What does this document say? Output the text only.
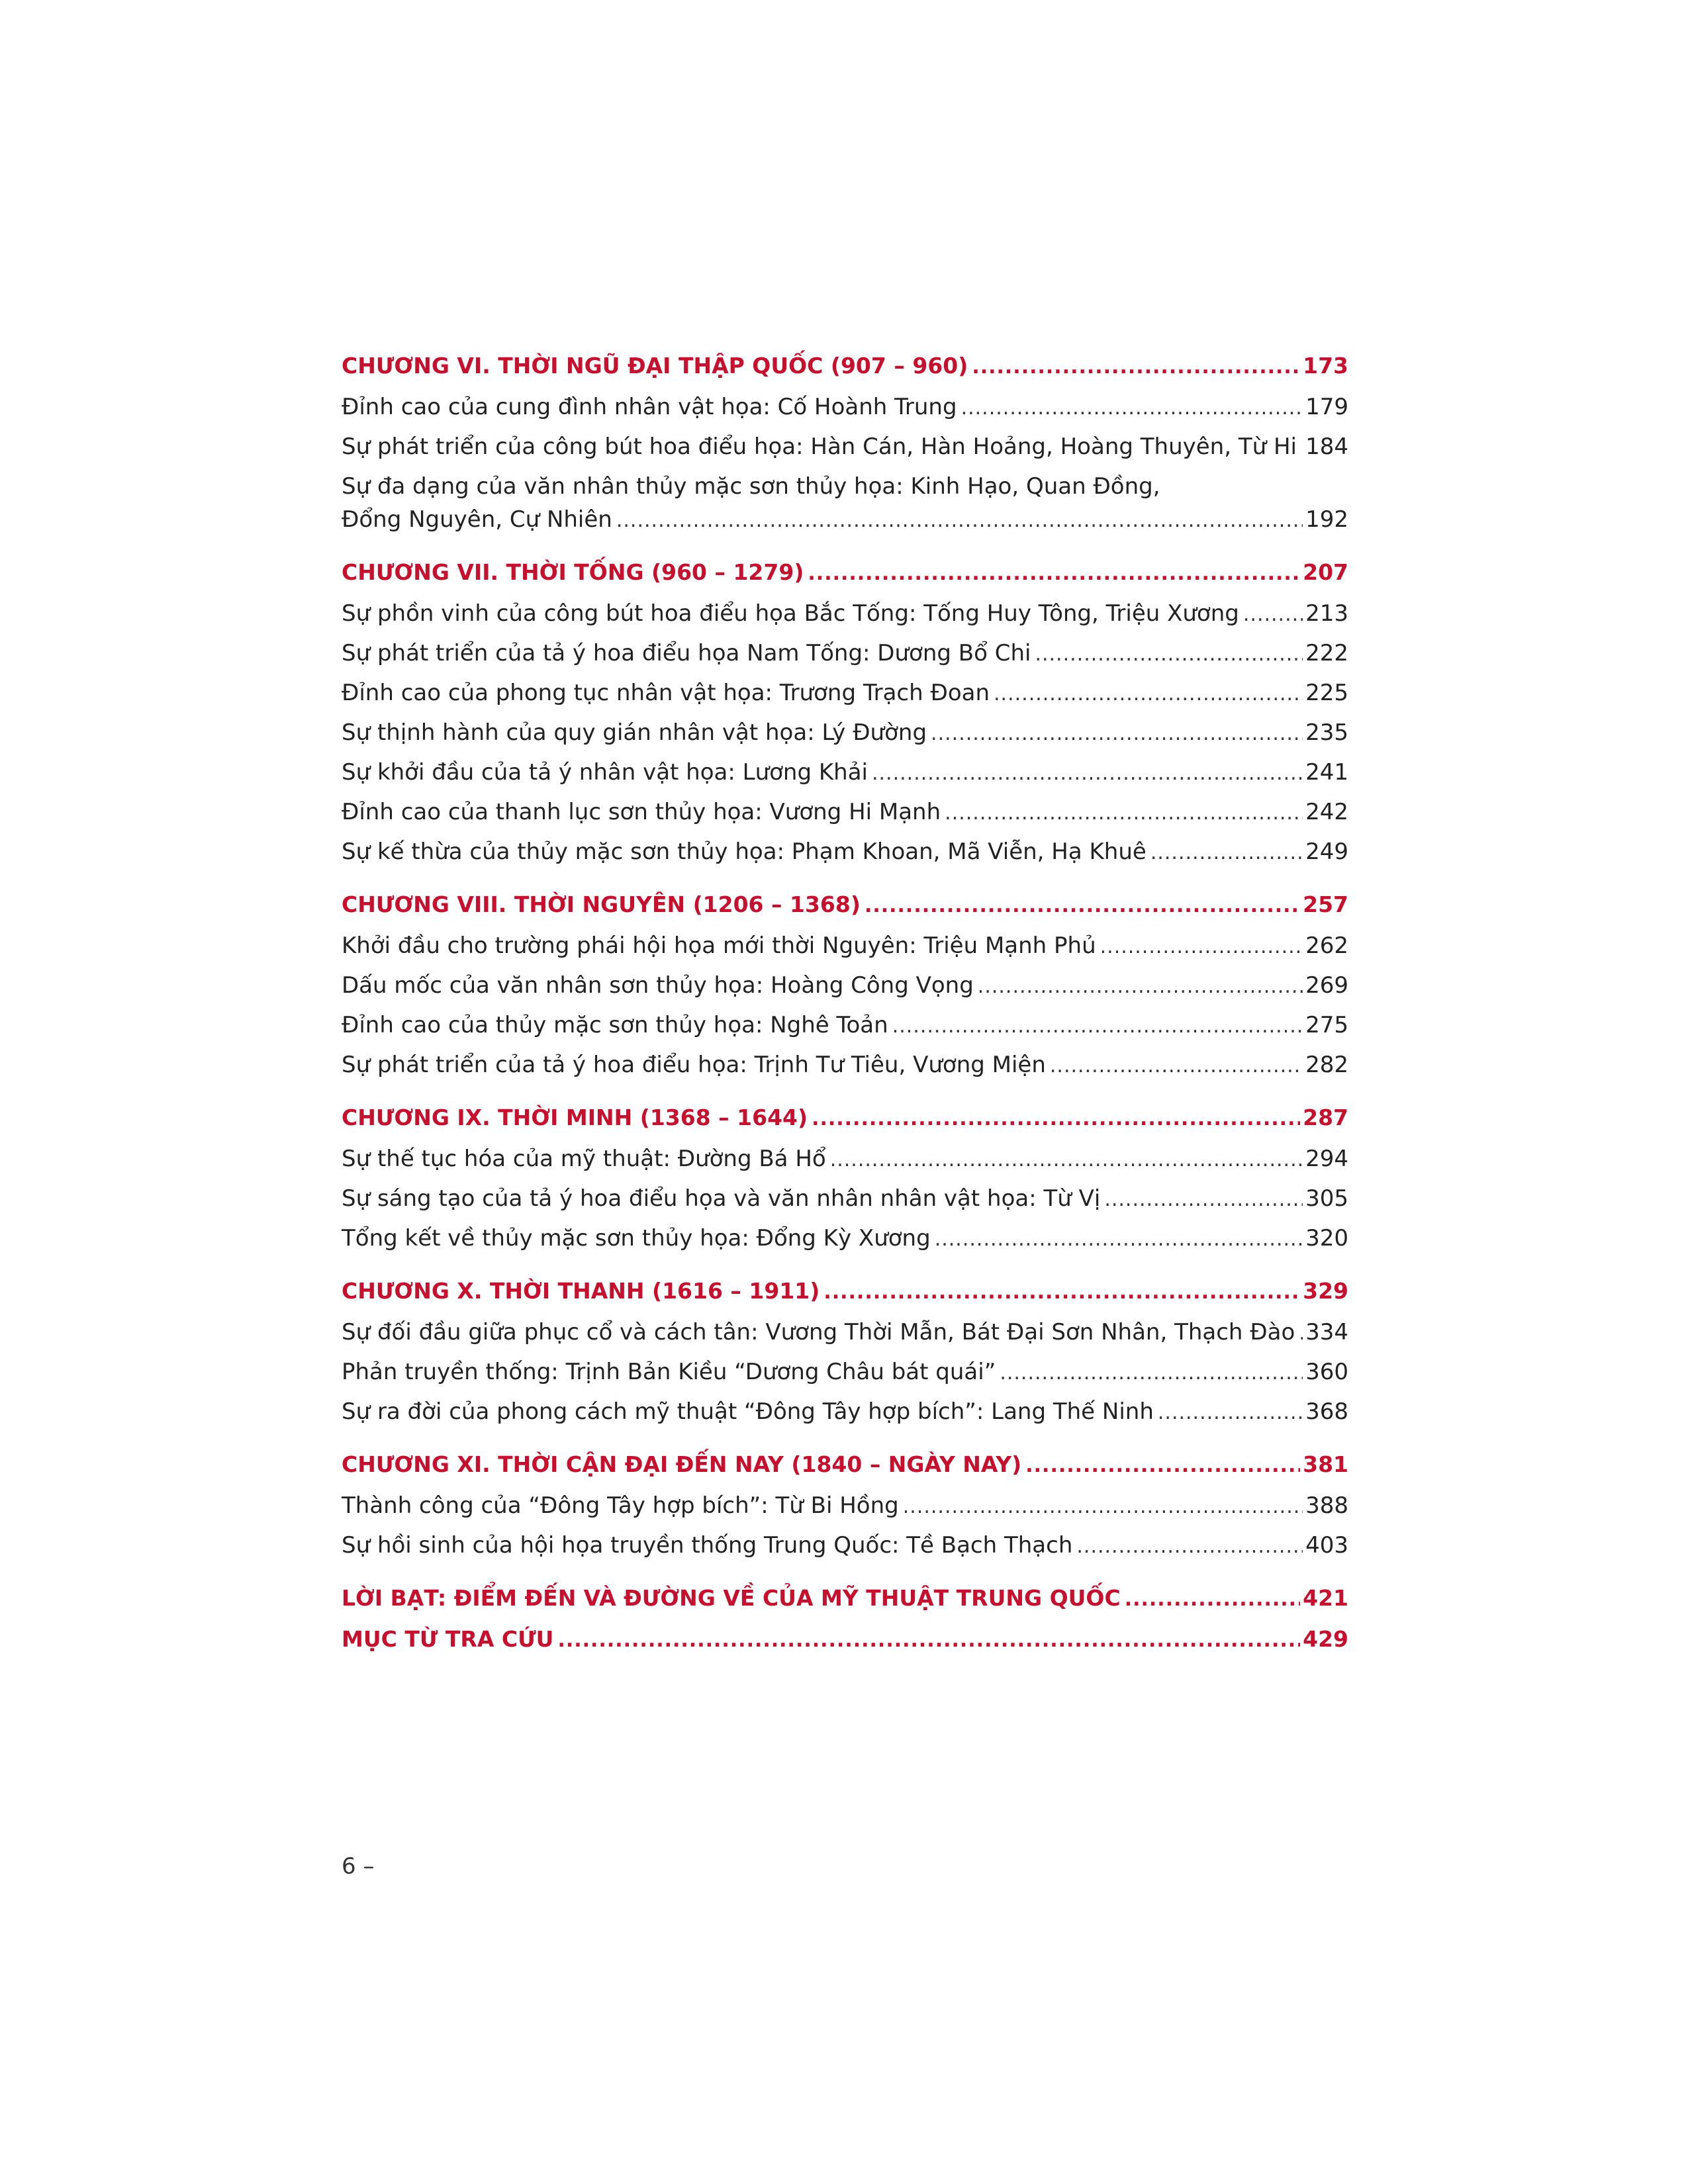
CHƯƠNG VI. THỜI NGŨ ĐẠI THẬP QUỐC (907 – 960) .....	173
Đỉnh cao của cung đình nhân vật họa: Cố Hoành Trung .....	179
Sự phát triển của công bút hoa điểu họa: Hàn Cán, Hàn Hoảng, Hoàng Thuyên, Từ Hi ..... 184
Sự đa dạng của văn nhân thủy mặc sơn thủy họa: Kinh Hạo, Quan Đồng,
Đổng Nguyên, Cự Nhiên .....	192
CHƯƠNG VII. THỜI TỐNG (960 – 1279) .....	207
Sự phồn vinh của công bút hoa điểu họa Bắc Tống: Tống Huy Tông, Triệu Xương .....	213
Sự phát triển của tả ý hoa điểu họa Nam Tống: Dương Bổ Chi .....	222
Đỉnh cao của phong tục nhân vật họa: Trương Trạch Đoan .....	225
Sự thịnh hành của quy gián nhân vật họa: Lý Đường .....	235
Sự khởi đầu của tả ý nhân vật họa: Lương Khải .....	241
Đỉnh cao của thanh lục sơn thủy họa: Vương Hi Mạnh .....	242
Sự kế thừa của thủy mặc sơn thủy họa: Phạm Khoan, Mã Viễn, Hạ Khuê .....	249
CHƯƠNG VIII. THỜI NGUYÊN (1206 – 1368) .....	257
Khởi đầu cho trường phái hội họa mới thời Nguyên: Triệu Mạnh Phủ .....	262
Dấu mốc của văn nhân sơn thủy họa: Hoàng Công Vọng .....	269
Đỉnh cao của thủy mặc sơn thủy họa: Nghê Toản .....	275
Sự phát triển của tả ý hoa điểu họa: Trịnh Tư Tiêu, Vương Miện .....	282
CHƯƠNG IX. THỜI MINH (1368 – 1644) .....	287
Sự thế tục hóa của mỹ thuật: Đường Bá Hổ .....	294
Sự sáng tạo của tả ý hoa điểu họa và văn nhân nhân vật họa: Từ Vị .....	305
Tổng kết về thủy mặc sơn thủy họa: Đổng Kỳ Xương .....	320
CHƯƠNG X. THỜI THANH (1616 – 1911) .....	329
Sự đối đầu giữa phục cổ và cách tân: Vương Thời Mẫn, Bát Đại Sơn Nhân, Thạch Đào ..... 334
Phản truyền thống: Trịnh Bản Kiều “Dương Châu bát quái” .....	360
Sự ra đời của phong cách mỹ thuật “Đông Tây hợp bích”: Lang Thế Ninh .....	368
CHƯƠNG XI. THỜI CẬN ĐẠI ĐẾN NAY (1840 – NGÀY NAY) .....	381
Thành công của “Đông Tây hợp bích”: Từ Bi Hồng .....	388
Sự hồi sinh của hội họa truyền thống Trung Quốc: Tề Bạch Thạch .....	403
LỜI BẠT: ĐIỂM ĐẾN VÀ ĐƯỜNG VỀ CỦA MỸ THUẬT TRUNG QUỐC .....	421
MỤC TỪ TRA CỨU .....	429
6 –
